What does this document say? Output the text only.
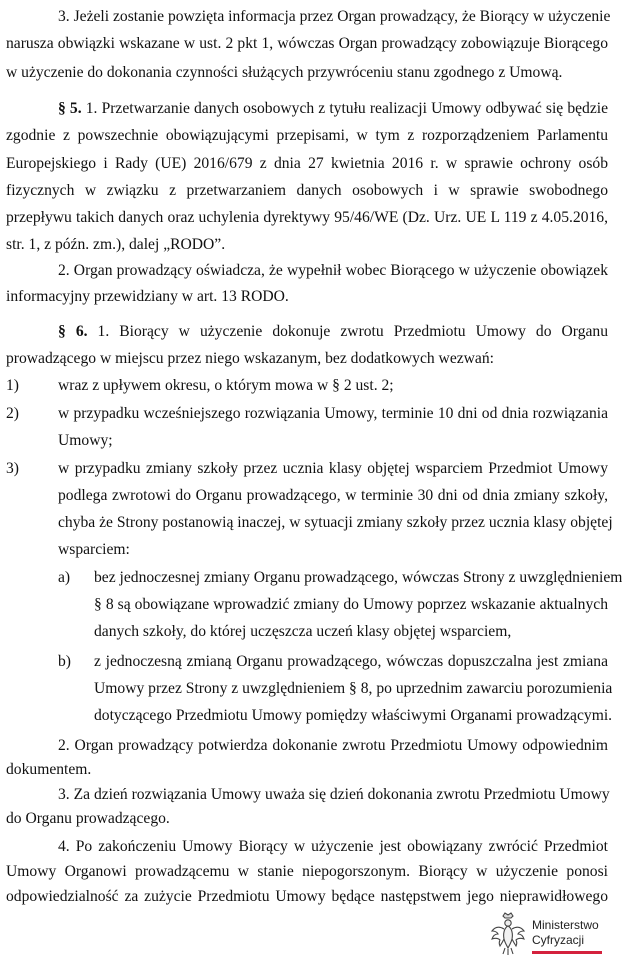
3. Jeżeli zostanie powzięta informacja przez Organ prowadzący, że Biorący w użyczenie
narusza obwiązki wskazane w ust. 2 pkt 1, wówczas Organ prowadzący zobowiązuje Biorącego
w użyczenie do dokonania czynności służących przywróceniu stanu zgodnego z Umową.
§ 5. 1. Przetwarzanie danych osobowych z tytułu realizacji Umowy odbywać się będzie
zgodnie z powszechnie obowiązującymi przepisami, w tym z rozporządzeniem Parlamentu
Europejskiego i Rady (UE) 2016/679 z dnia 27 kwietnia 2016 r. w sprawie ochrony osób
fizycznych w związku z przetwarzaniem danych osobowych i w sprawie swobodnego
przepływu takich danych oraz uchylenia dyrektywy 95/46/WE (Dz. Urz. UE L 119 z 4.05.2016,
str. 1, z późn. zm.), dalej „RODO”.
2. Organ prowadzący oświadcza, że wypełnił wobec Biorącego w użyczenie obowiązek
informacyjny przewidziany w art. 13 RODO.
§ 6. 1. Biorący w użyczenie dokonuje zwrotu Przedmiotu Umowy do Organu
prowadzącego w miejscu przez niego wskazanym, bez dodatkowych wezwań:
1)	wraz z upływem okresu, o którym mowa w § 2 ust. 2;
2)	w przypadku wcześniejszego rozwiązania Umowy, terminie 10 dni od dnia rozwiązania
Umowy;
3)	w przypadku zmiany szkoły przez ucznia klasy objętej wsparciem Przedmiot Umowy
podlega zwrotowi do Organu prowadzącego, w terminie 30 dni od dnia zmiany szkoły,
chyba że Strony postanowią inaczej, w sytuacji zmiany szkoły przez ucznia klasy objętej
wsparciem:
a)	bez jednoczesnej zmiany Organu prowadzącego, wówczas Strony z uwzględnieniem
§ 8 są obowiązane wprowadzić zmiany do Umowy poprzez wskazanie aktualnych
danych szkoły, do której uczęszcza uczeń klasy objętej wsparciem,
b)	z jednoczesną zmianą Organu prowadzącego, wówczas dopuszczalna jest zmiana
Umowy przez Strony z uwzględnieniem § 8, po uprzednim zawarciu porozumienia
dotyczącego Przedmiotu Umowy pomiędzy właściwymi Organami prowadzącymi.
2. Organ prowadzący potwierdza dokonanie zwrotu Przedmiotu Umowy odpowiednim
dokumentem.
3. Za dzień rozwiązania Umowy uważa się dzień dokonania zwrotu Przedmiotu Umowy
do Organu prowadzącego.
4. Po zakończeniu Umowy Biorący w użyczenie jest obowiązany zwrócić Przedmiot
Umowy Organowi prowadzącemu w stanie niepogorszonym. Biorący w użyczenie ponosi
odpowiedzialność za zużycie Przedmiotu Umowy będące następstwem jego nieprawidłowego
Ministerstwo
Cyfryzacji
